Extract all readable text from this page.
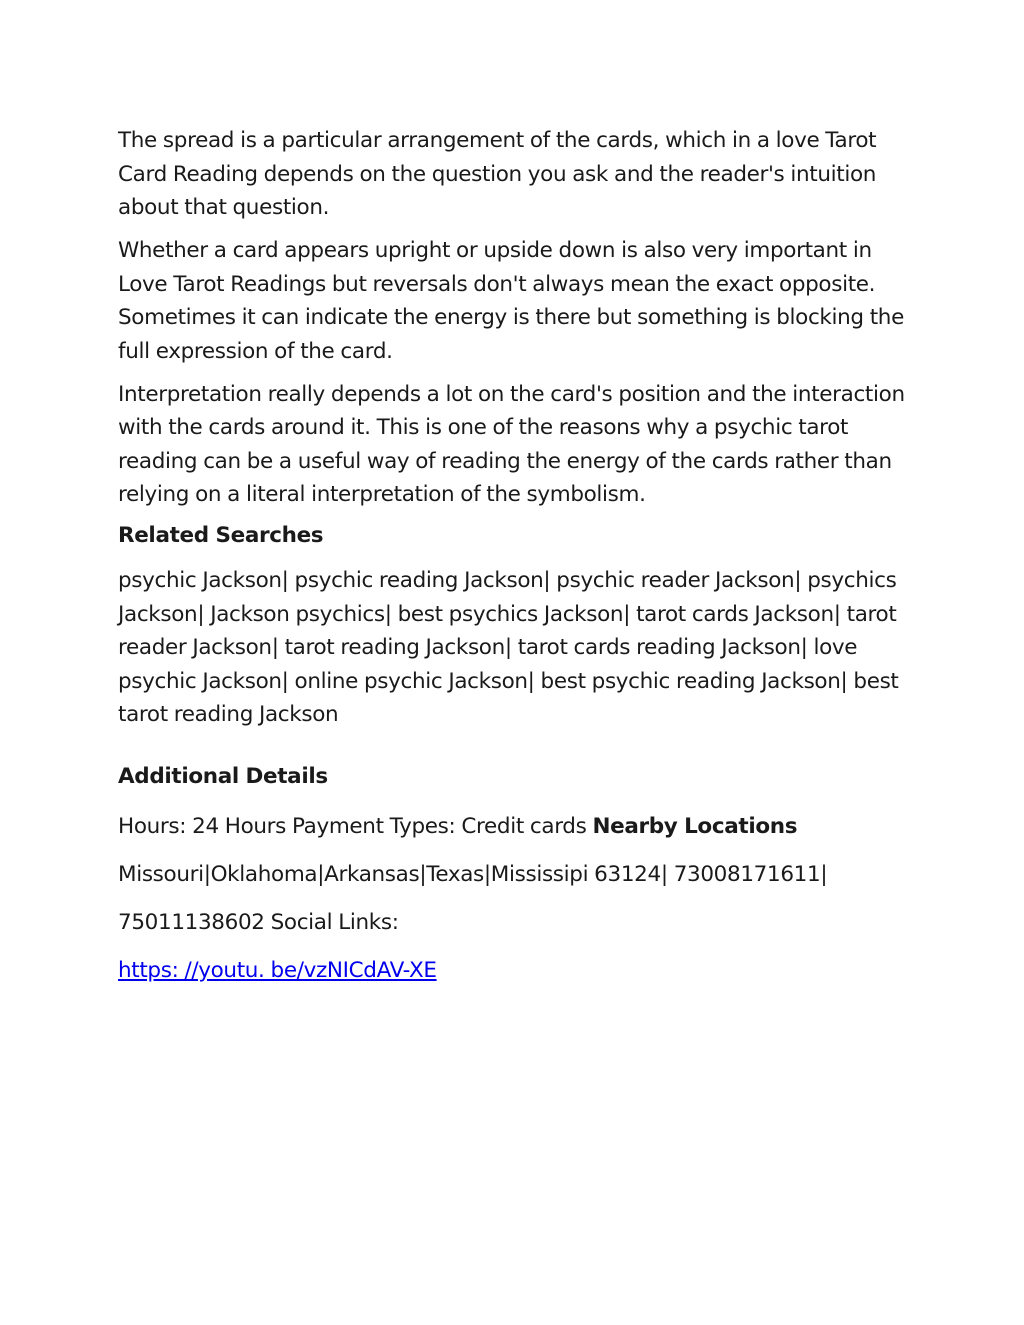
The spread is a particular arrangement of the cards, which in a love Tarot Card Reading depends on the question you ask and the reader's intuition about that question.

Whether a card appears upright or upside down is also very important in Love Tarot Readings but reversals don't always mean the exact opposite. Sometimes it can indicate the energy is there but something is blocking the full expression of the card.

Interpretation really depends a lot on the card's position and the interaction with the cards around it. This is one of the reasons why a psychic tarot reading can be a useful way of reading the energy of the cards rather than relying on a literal interpretation of the symbolism.

Related Searches

psychic Jackson| psychic reading Jackson| psychic reader Jackson| psychics Jackson| Jackson psychics| best psychics Jackson| tarot cards Jackson| tarot reader Jackson| tarot reading Jackson| tarot cards reading Jackson| love psychic Jackson| online psychic Jackson| best psychic reading Jackson| best tarot reading Jackson

Additional Details

Hours: 24 Hours Payment Types: Credit cards Nearby Locations

Missouri|Oklahoma|Arkansas|Texas|Mississipi 63124| 73008171611|

75011138602 Social Links:

https: //youtu. be/vzNICdAV-XE
